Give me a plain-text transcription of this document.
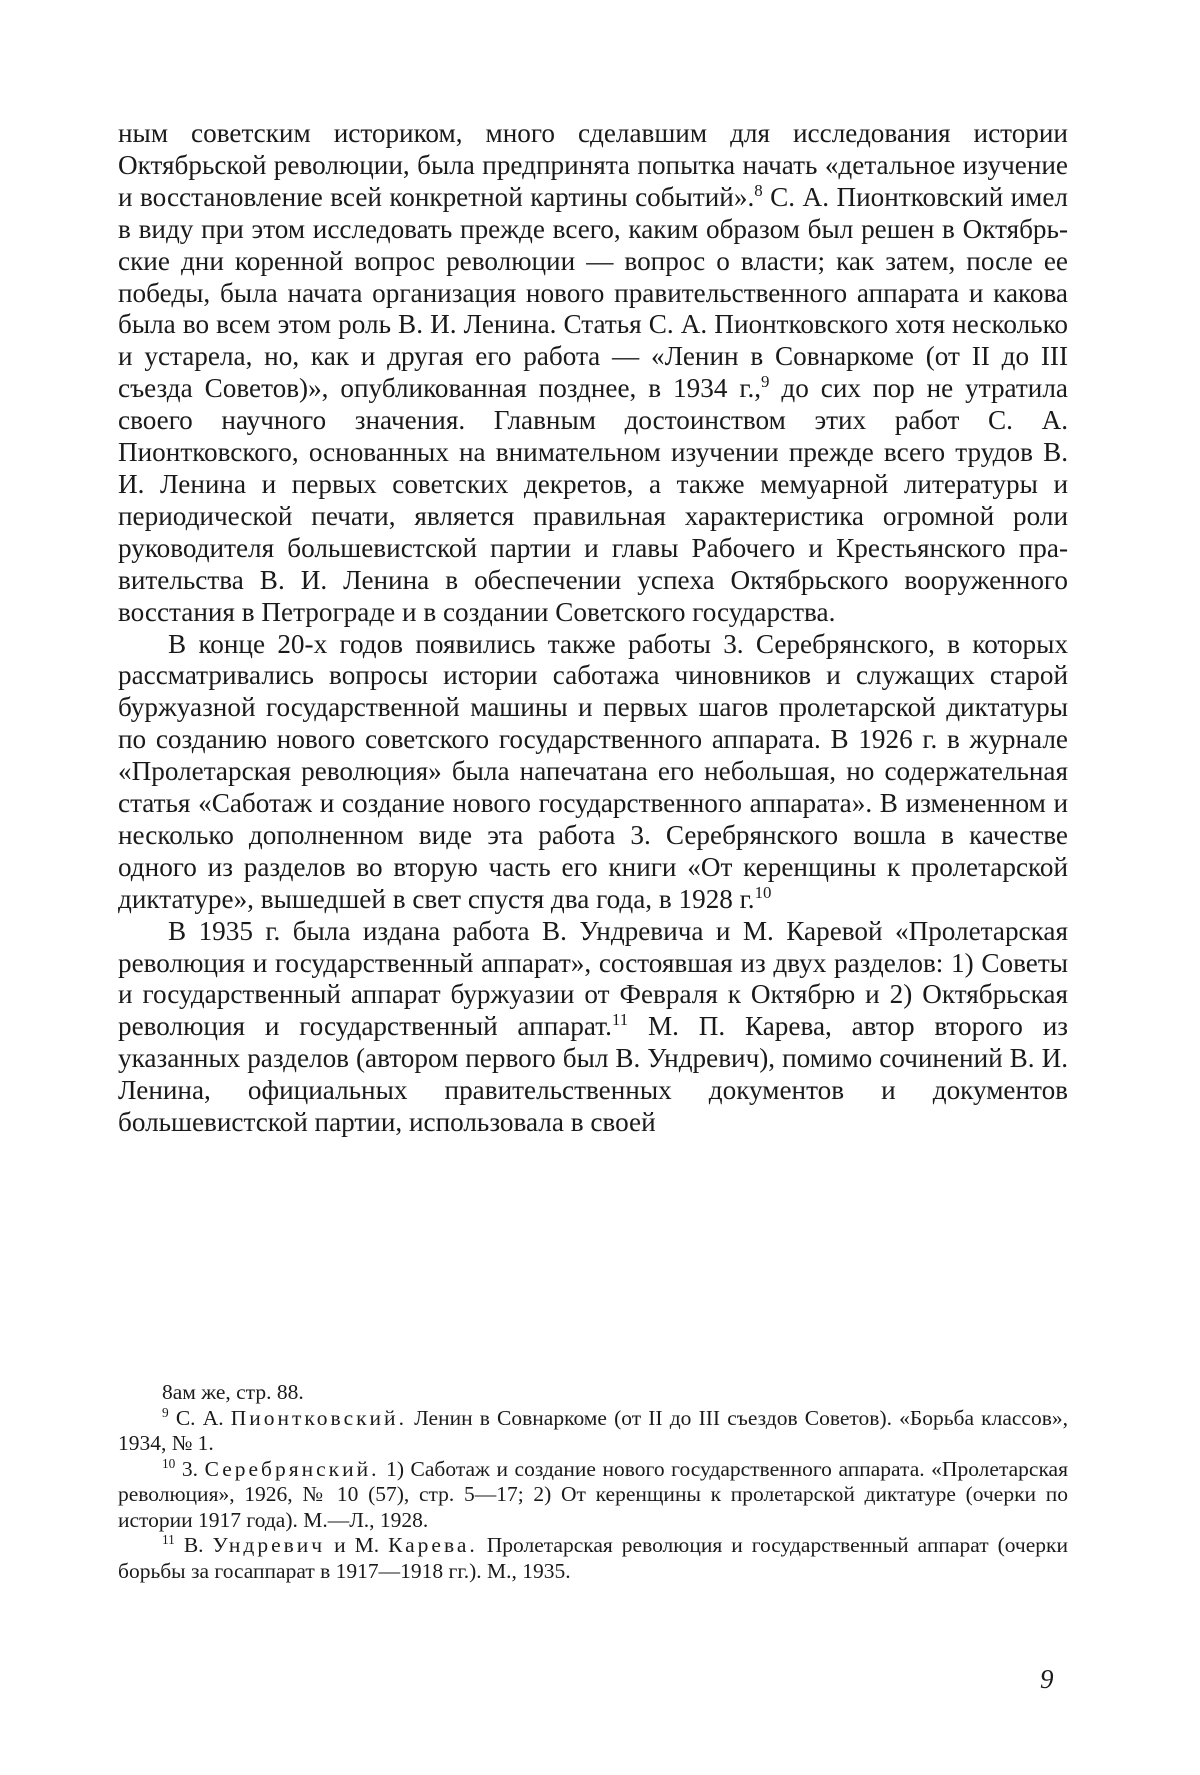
ным советским историком, много сделавшим для исследования истории Октябрьской революции, была предпринята попытка начать «детальное изучение и восстановление всей конкретной картины событий».$^8$ С. А. Пионтковский имел в виду при этом исследовать прежде всего, каким образом был решен в Октябрьские дни коренной вопрос революции — вопрос о власти; как затем, после ее победы, была начата организация нового правительственного аппарата и какова была во всем этом роль В. И. Ленина. Статья С. А. Пионтковского хотя несколько и устарела, но, как и другая его работа — «Ленин в Совнаркоме (от II до III съезда Советов)», опубликованная позднее, в 1934 г.,$^9$ до сих пор не утратила своего научного значения. Главным достоинством этих работ С. А. Пионтковского, основанных на внимательном изучении прежде всего трудов В. И. Ленина и первых советских декретов, а также мемуарной литературы и периодической печати, является правильная характеристика огромной роли руководителя большевистской партии и главы Рабочего и Крестьянского правительства В. И. Ленина в обеспечении успеха Октябрьского вооруженного восстания в Петрограде и в создании Советского государства.

В конце 20-х годов появились также работы 3. Серебрянского, в которых рассматривались вопросы истории саботажа чиновников и служащих старой буржуазной государственной машины и первых шагов пролетарской диктатуры по созданию нового советского государственного аппарата. В 1926 г. в журнале «Пролетарская революция» была напечатана его небольшая, но содержательная статья «Саботаж и создание нового государственного аппарата». В измененном и несколько дополненном виде эта работа 3. Серебрянского вошла в качестве одного из разделов во вторую часть его книги «От керенщины к пролетарской диктатуре», вышедшей в свет спустя два года, в 1928 г.$^{10}$

В 1935 г. была издана работа В. Ундревича и М. Каревой «Пролетарская революция и государственный аппарат», состоявшая из двух разделов: 1) Советы и государственный аппарат буржуазии от Февраля к Октябрю и 2) Октябрьская революция и государственный аппарат.$^{11}$ М. П. Карева, автор второго из указанных разделов (автором первого был В. Ундревич), помимо сочинений В. И. Ленина, официальных правительственных документов и документов большевистской партии, использовала в своей

8ам же, стр. 88.

$^9$ С. А. Пионтковский. Ленин в Совнаркоме (от II до III съездов Советов). «Борьба классов», 1934, № 1.

$^{10}$ 3. Серебрянский. 1) Саботаж и создание нового государственного аппарата. «Пролетарская революция», 1926, № 10 (57), стр. 5—17; 2) От керенщины к пролетарской диктатуре (очерки по истории 1917 года). М.—Л., 1928.

$^{11}$ В. Ундревич и М. Карева. Пролетарская революция и государственный аппарат (очерки борьбы за госаппарат в 1917—1918 гг.). М., 1935.

9
